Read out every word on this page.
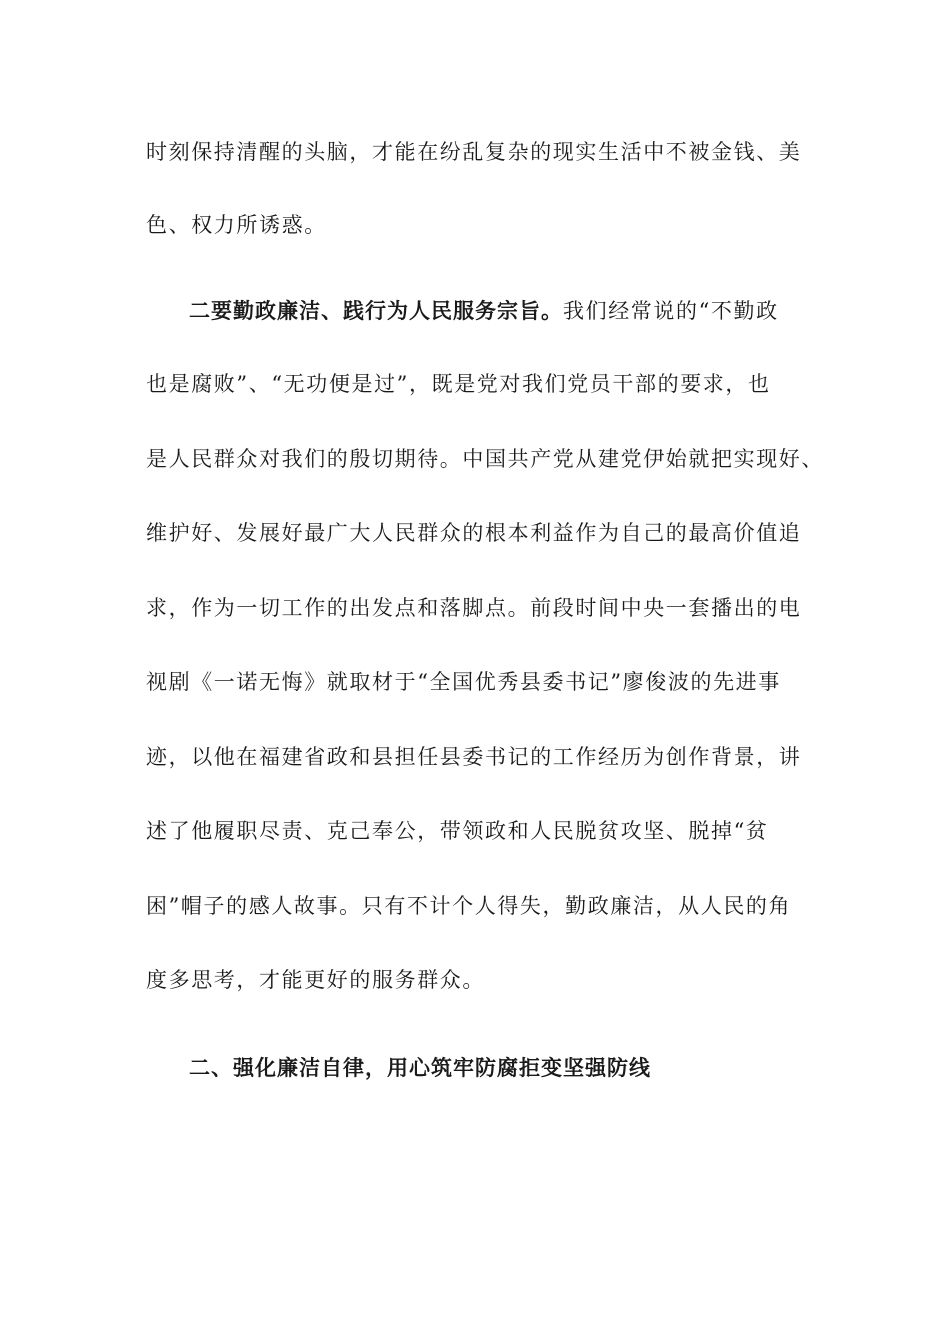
时刻保持清醒的头脑，才能在纷乱复杂的现实生活中不被金钱、美
色、权力所诱惑。
二要勤政廉洁、践行为人民服务宗旨。我们经常说的“不勤政
也是腐败”、“无功便是过”，既是党对我们党员干部的要求，也
是人民群众对我们的殷切期待。中国共产党从建党伊始就把实现好、
维护好、发展好最广大人民群众的根本利益作为自己的最高价值追
求，作为一切工作的出发点和落脚点。前段时间中央一套播出的电
视剧《一诺无悔》就取材于“全国优秀县委书记”廖俊波的先进事
迹，以他在福建省政和县担任县委书记的工作经历为创作背景，讲
述了他履职尽责、克己奉公，带领政和人民脱贫攻坚、脱掉“贫
困”帽子的感人故事。只有不计个人得失，勤政廉洁，从人民的角
度多思考，才能更好的服务群众。
二、强化廉洁自律，用心筑牢防腐拒变坚强防线
